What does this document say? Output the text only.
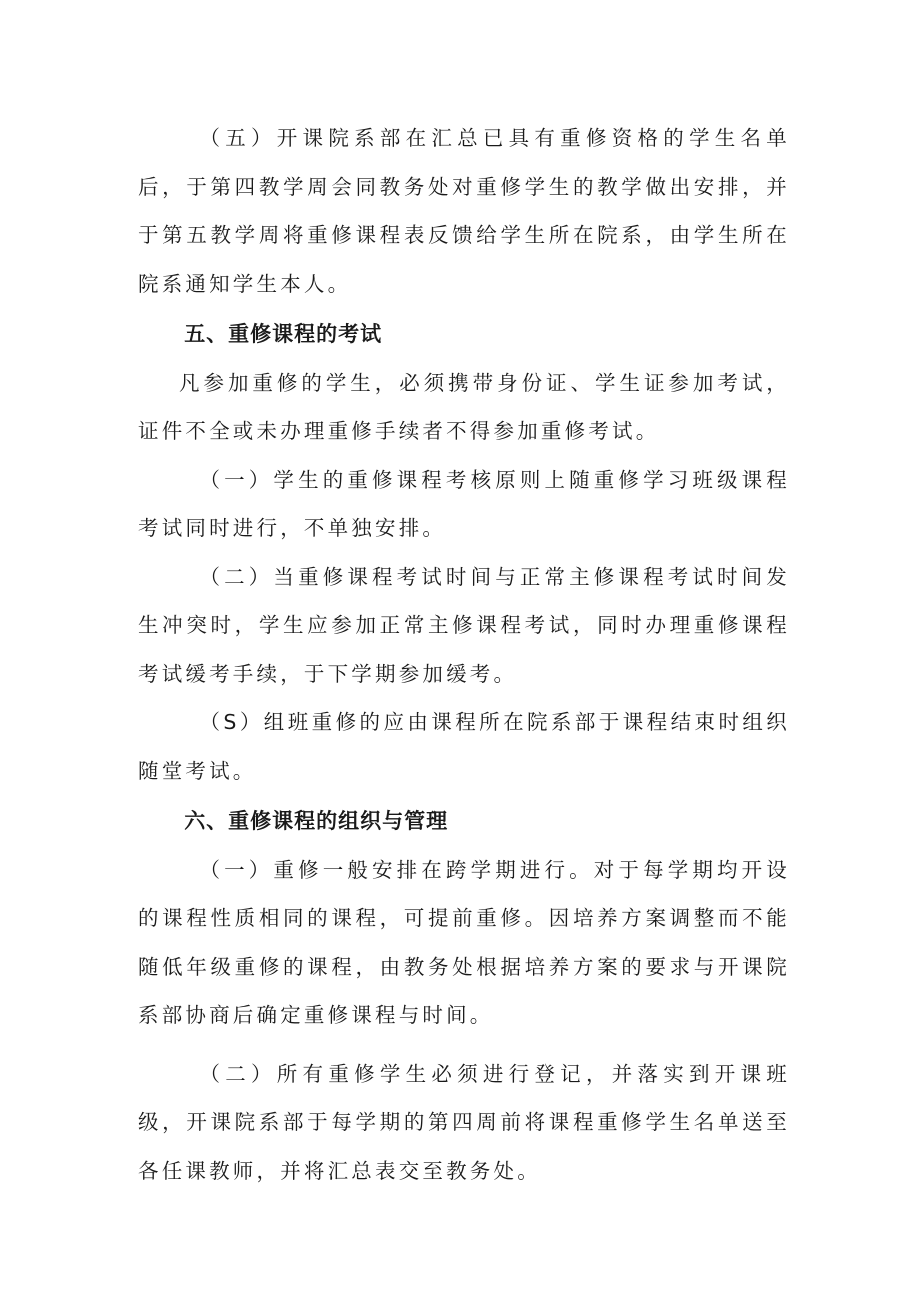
（五）开课院系部在汇总已具有重修资格的学生名单后，于第四教学周会同教务处对重修学生的教学做出安排，并于第五教学周将重修课程表反馈给学生所在院系，由学生所在院系通知学生本人。

五、重修课程的考试

凡参加重修的学生，必须携带身份证、学生证参加考试，证件不全或未办理重修手续者不得参加重修考试。

（一）学生的重修课程考核原则上随重修学习班级课程考试同时进行，不单独安排。

（二）当重修课程考试时间与正常主修课程考试时间发生冲突时，学生应参加正常主修课程考试，同时办理重修课程考试缓考手续，于下学期参加缓考。

（S）组班重修的应由课程所在院系部于课程结束时组织随堂考试。

六、重修课程的组织与管理

（一）重修一般安排在跨学期进行。对于每学期均开设的课程性质相同的课程，可提前重修。因培养方案调整而不能随低年级重修的课程，由教务处根据培养方案的要求与开课院系部协商后确定重修课程与时间。

（二）所有重修学生必须进行登记，并落实到开课班级，开课院系部于每学期的第四周前将课程重修学生名单送至各任课教师，并将汇总表交至教务处。
